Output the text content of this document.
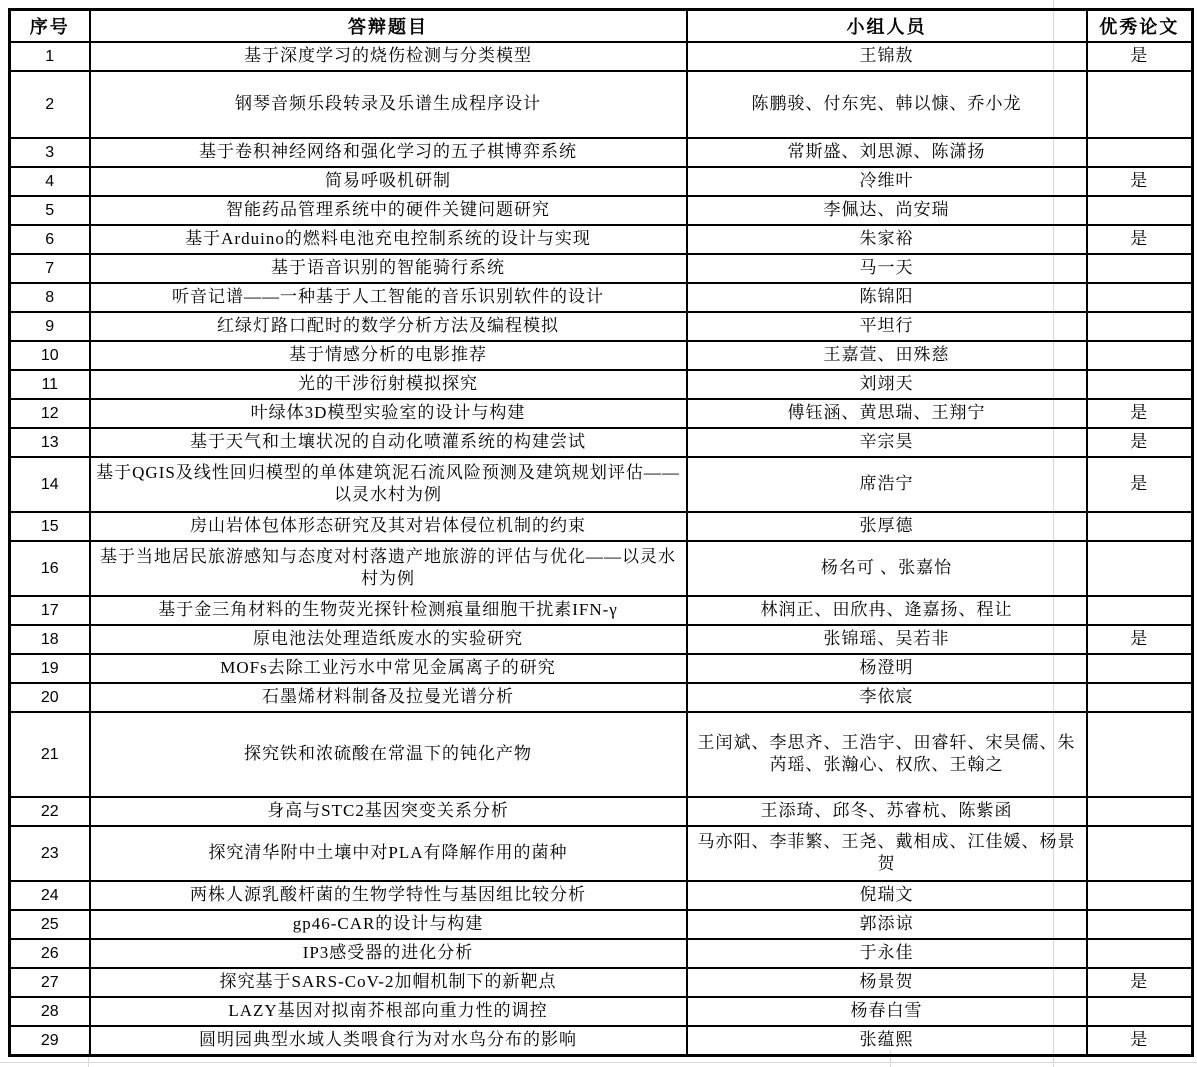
序号	答辩题目	小组人员	优秀论文
1	基于深度学习的烧伤检测与分类模型	王锦敖	是
2	钢琴音频乐段转录及乐谱生成程序设计	陈鹏骏、付东宪、韩以慷、乔小龙	
3	基于卷积神经网络和强化学习的五子棋博弈系统	常斯盛、刘思源、陈潇扬	
4	简易呼吸机研制	冷维叶	是
5	智能药品管理系统中的硬件关键问题研究	李佩达、尚安瑞	
6	基于Arduino的燃料电池充电控制系统的设计与实现	朱家裕	是
7	基于语音识别的智能骑行系统	马一天	
8	听音记谱——一种基于人工智能的音乐识别软件的设计	陈锦阳	
9	红绿灯路口配时的数学分析方法及编程模拟	平坦行	
10	基于情感分析的电影推荐	王嘉萱、田殊慈	
11	光的干涉衍射模拟探究	刘翊天	
12	叶绿体3D模型实验室的设计与构建	傅钰涵、黄思瑞、王翔宁	是
13	基于天气和土壤状况的自动化喷灌系统的构建尝试	辛宗昊	是
14	基于QGIS及线性回归模型的单体建筑泥石流风险预测及建筑规划评估——以灵水村为例	席浩宁	是
15	房山岩体包体形态研究及其对岩体侵位机制的约束	张厚德	
16	基于当地居民旅游感知与态度对村落遗产地旅游的评估与优化——以灵水村为例	杨名可 、张嘉怡	
17	基于金三角材料的生物荧光探针检测痕量细胞干扰素IFN-γ	林润正、田欣冉、逄嘉扬、程让	
18	原电池法处理造纸废水的实验研究	张锦瑶、吴若非	是
19	MOFs去除工业污水中常见金属离子的研究	杨澄明	
20	石墨烯材料制备及拉曼光谱分析	李依宸	
21	探究铁和浓硫酸在常温下的钝化产物	王闰斌、李思齐、王浩宇、田睿轩、宋昊儒、朱芮瑶、张瀚心、权欣、王翰之	
22	身高与STC2基因突变关系分析	王添琦、邱冬、苏睿杭、陈紫函	
23	探究清华附中土壤中对PLA有降解作用的菌种	马亦阳、李菲繁、王尧、戴相成、江佳媛、杨景贺	
24	两株人源乳酸杆菌的生物学特性与基因组比较分析	倪瑞文	
25	gp46-CAR的设计与构建	郭添谅	
26	IP3感受器的进化分析	于永佳	
27	探究基于SARS-CoV-2加帽机制下的新靶点	杨景贺	是
28	LAZY基因对拟南芥根部向重力性的调控	杨春白雪	
29	圆明园典型水域人类喂食行为对水鸟分布的影响	张蕴熙	是
